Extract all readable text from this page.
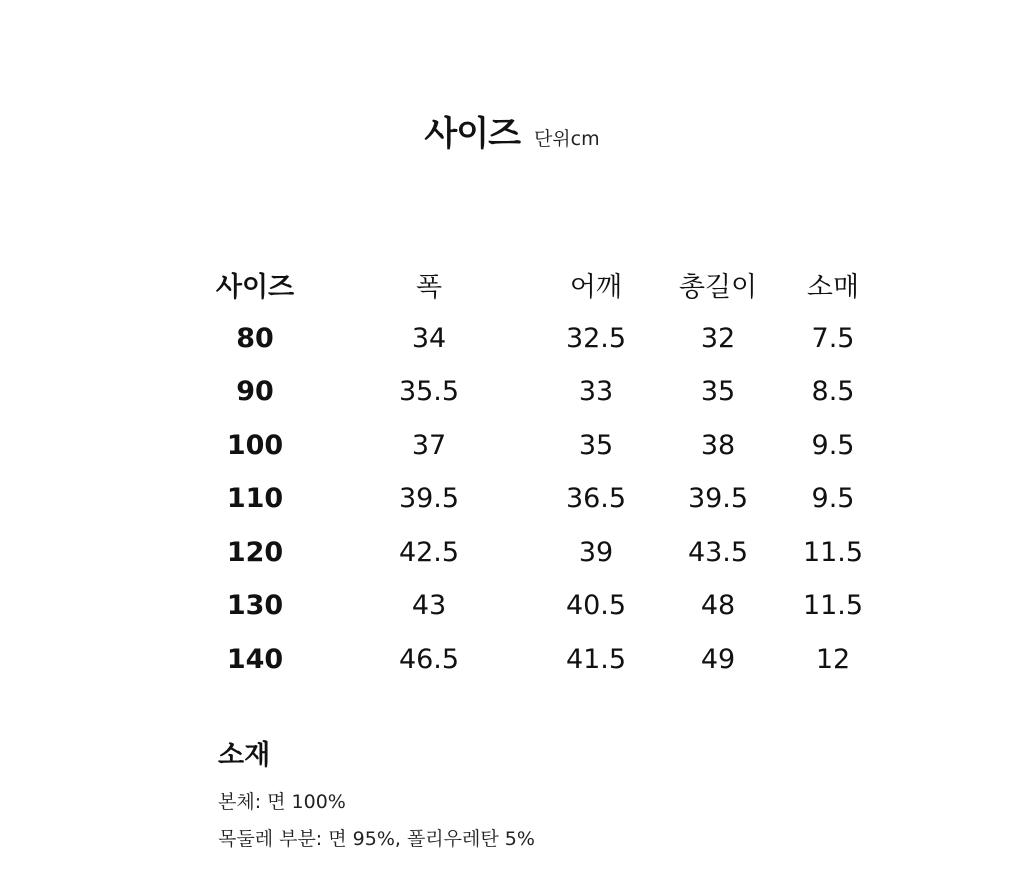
사이즈 단위cm
사이즈	폭	어깨	총길이	소매
80	34	32.5	32	7.5
90	35.5	33	35	8.5
100	37	35	38	9.5
110	39.5	36.5	39.5	9.5
120	42.5	39	43.5	11.5
130	43	40.5	48	11.5
140	46.5	41.5	49	12
소재
본체: 면 100%
목둘레 부분: 면 95%, 폴리우레탄 5%
